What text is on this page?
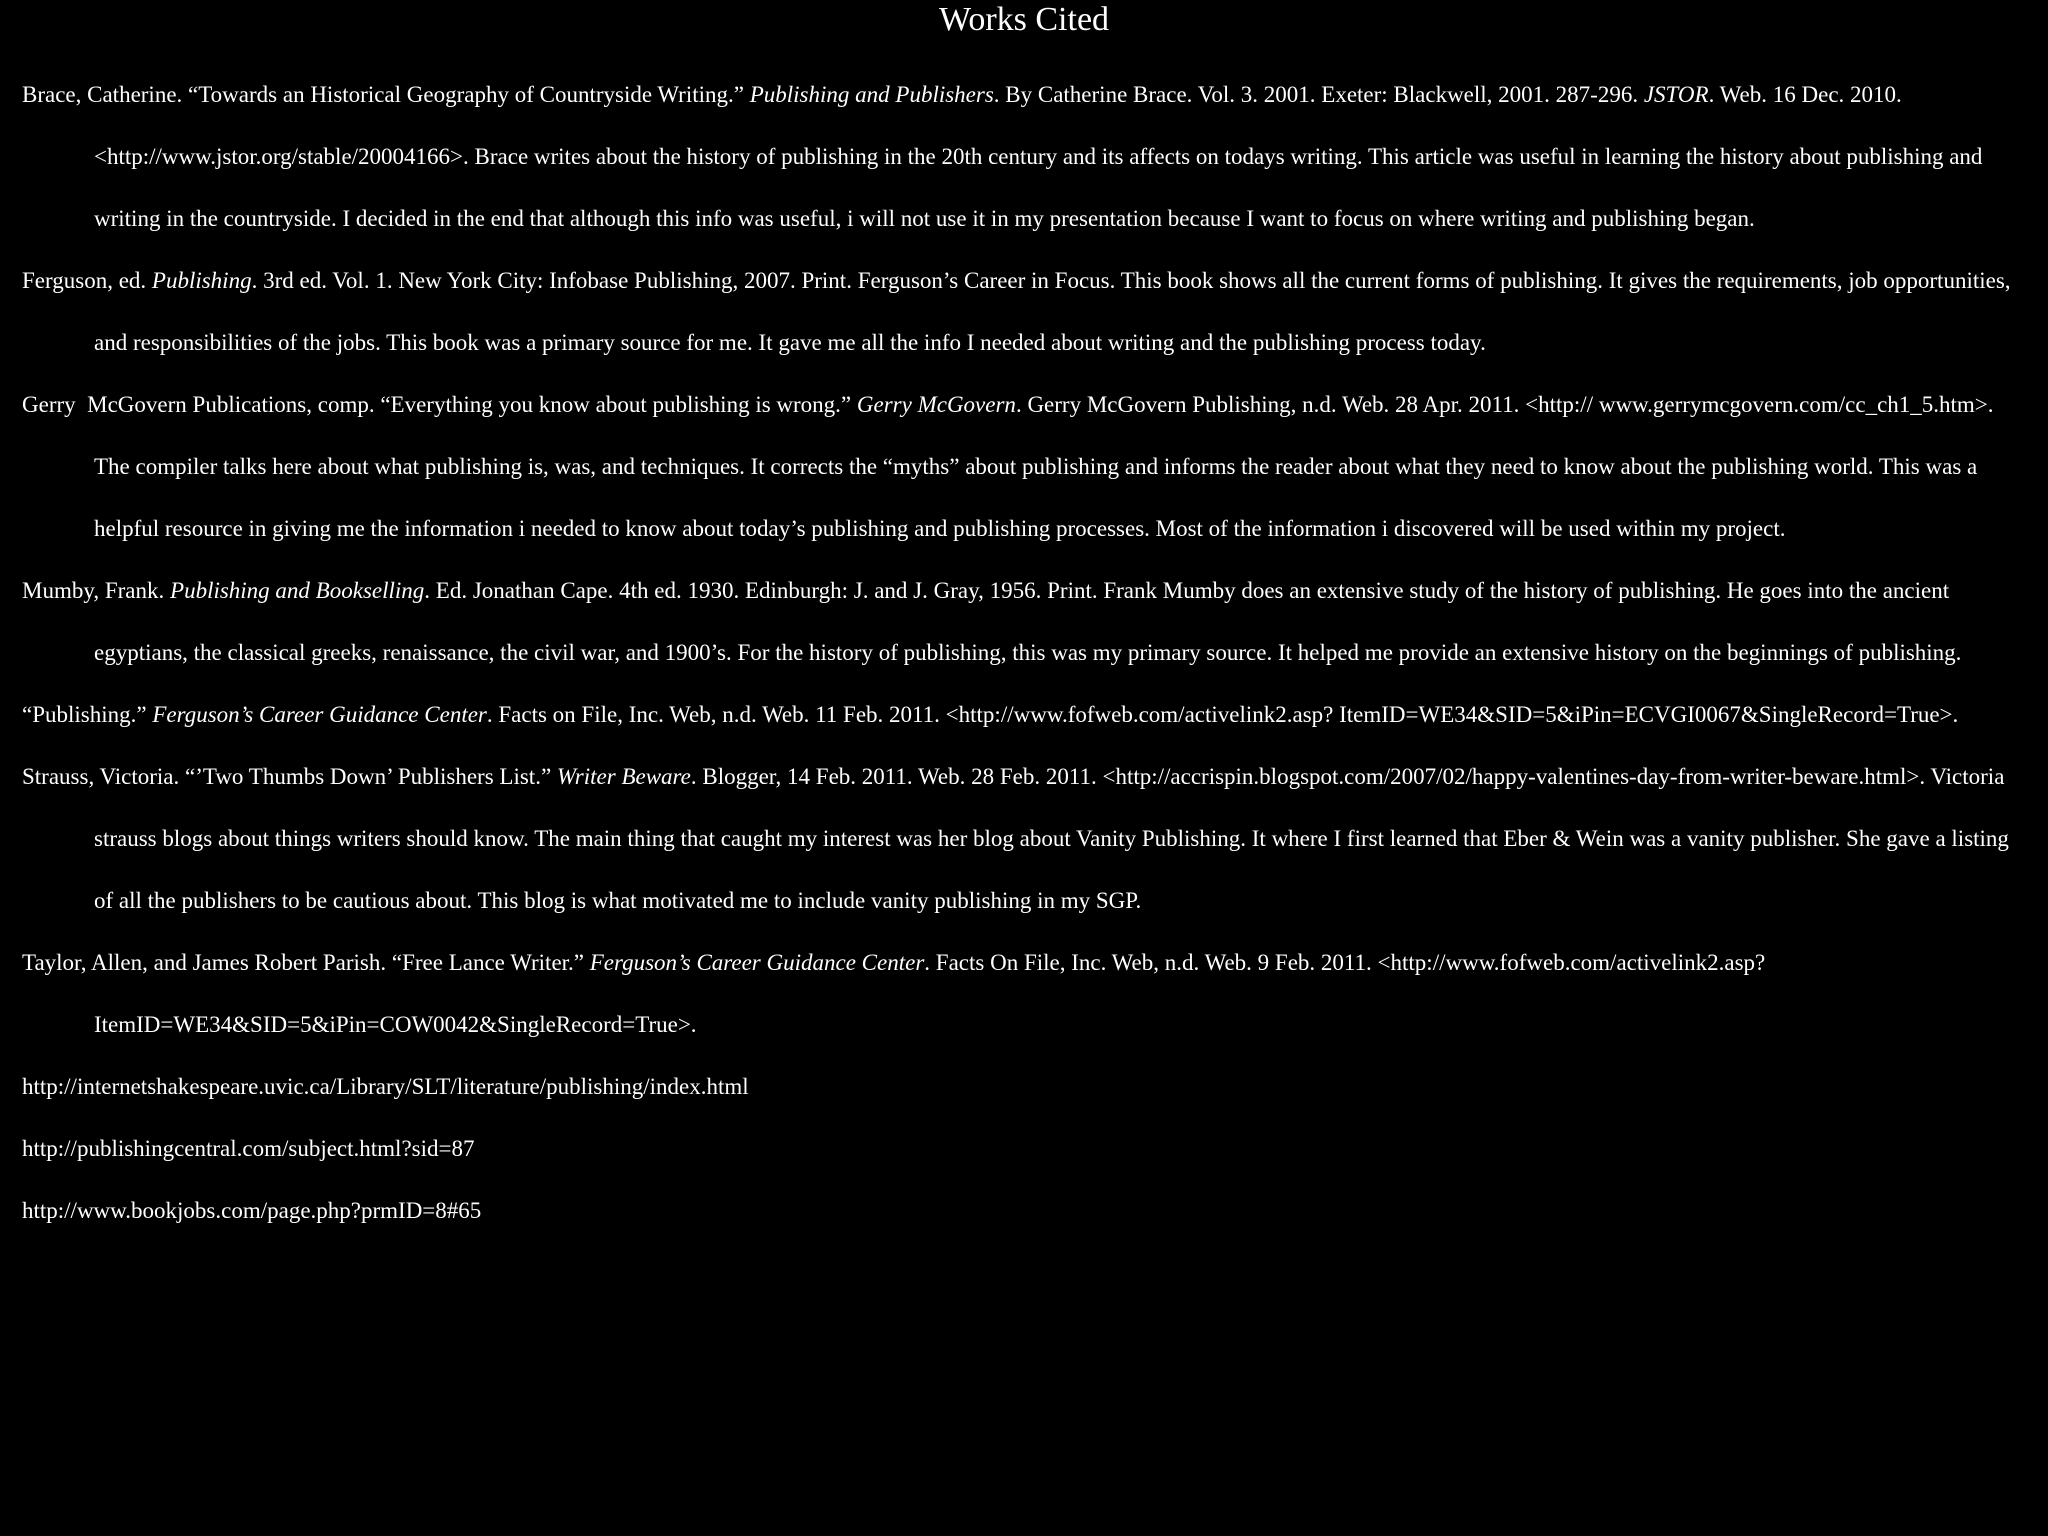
Works Cited

Brace, Catherine. “Towards an Historical Geography of Countryside Writing.” Publishing and Publishers. By Catherine Brace. Vol. 3. 2001. Exeter: Blackwell, 2001. 287-296. JSTOR. Web. 16 Dec. 2010. <http://www.jstor.org/stable/20004166>. Brace writes about the history of publishing in the 20th century and its affects on todays writing. This article was useful in learning the history about publishing and writing in the countryside. I decided in the end that although this info was useful, i will not use it in my presentation because I want to focus on where writing and publishing began.

Ferguson, ed. Publishing. 3rd ed. Vol. 1. New York City: Infobase Publishing, 2007. Print. Ferguson’s Career in Focus. This book shows all the current forms of publishing. It gives the requirements, job opportunities, and responsibilities of the jobs. This book was a primary source for me. It gave me all the info I needed about writing and the publishing process today.

Gerry  McGovern Publications, comp. “Everything you know about publishing is wrong.” Gerry McGovern. Gerry McGovern Publishing, n.d. Web. 28 Apr. 2011. <http:// www.gerrymcgovern.com/cc_ch1_5.htm>. The compiler talks here about what publishing is, was, and techniques. It corrects the “myths” about publishing and informs the reader about what they need to know about the publishing world. This was a helpful resource in giving me the information i needed to know about today’s publishing and publishing processes. Most of the information i discovered will be used within my project.

Mumby, Frank. Publishing and Bookselling. Ed. Jonathan Cape. 4th ed. 1930. Edinburgh: J. and J. Gray, 1956. Print. Frank Mumby does an extensive study of the history of publishing. He goes into the ancient egyptians, the classical greeks, renaissance, the civil war, and 1900’s. For the history of publishing, this was my primary source. It helped me provide an extensive history on the beginnings of publishing.

“Publishing.” Ferguson’s Career Guidance Center. Facts on File, Inc. Web, n.d. Web. 11 Feb. 2011. <http://www.fofweb.com/activelink2.asp? ItemID=WE34&SID=5&iPin=ECVGI0067&SingleRecord=True>.

Strauss, Victoria. “’Two Thumbs Down’ Publishers List.” Writer Beware. Blogger, 14 Feb. 2011. Web. 28 Feb. 2011. <http://accrispin.blogspot.com/2007/02/happy-valentines-day-from-writer-beware.html>. Victoria strauss blogs about things writers should know. The main thing that caught my interest was her blog about Vanity Publishing. It where I first learned that Eber & Wein was a vanity publisher. She gave a listing of all the publishers to be cautious about. This blog is what motivated me to include vanity publishing in my SGP.

Taylor, Allen, and James Robert Parish. “Free Lance Writer.” Ferguson’s Career Guidance Center. Facts On File, Inc. Web, n.d. Web. 9 Feb. 2011. <http://www.fofweb.com/activelink2.asp? ItemID=WE34&SID=5&iPin=COW0042&SingleRecord=True>.

http://internetshakespeare.uvic.ca/Library/SLT/literature/publishing/index.html

http://publishingcentral.com/subject.html?sid=87

http://www.bookjobs.com/page.php?prmID=8#65
